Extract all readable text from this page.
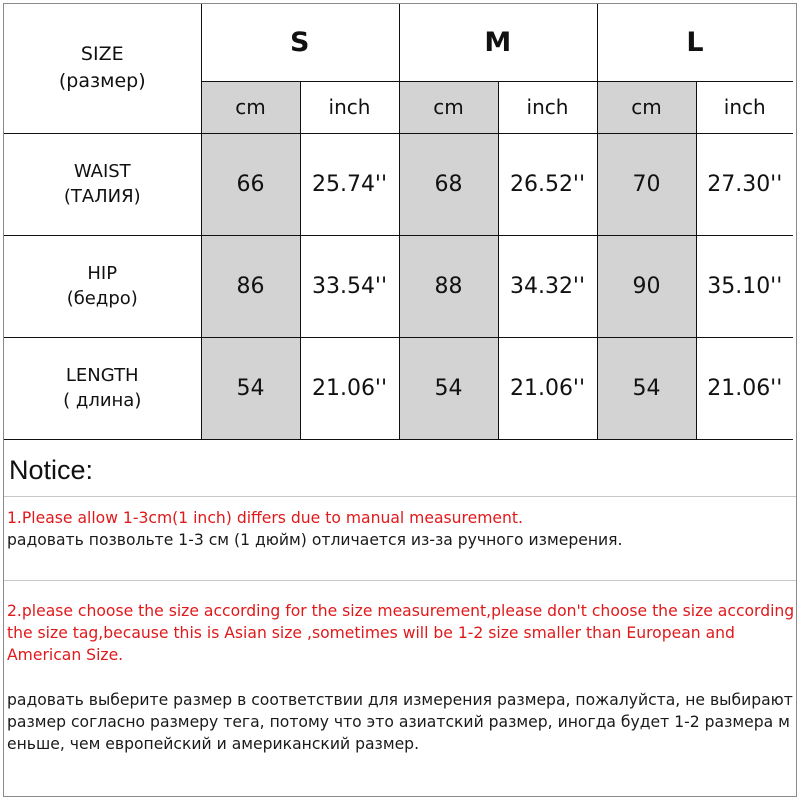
SIZE
(размер)	S		M		L	
	cm	inch	cm	inch	cm	inch

WAIST
(ТАЛИЯ)	66	25.74''	68	26.52''	70	27.30''

HIP
(бедро)	86	33.54''	88	34.32''	90	35.10''

LENGTH
( длина)	54	21.06''	54	21.06''	54	21.06''
Notice:
1.Please allow 1-3cm(1 inch) differs due to manual measurement.
радовать позвольте 1-3 см (1 дюйм) отличается из-за ручного измерения.
2.please choose the size according for the size measurement,please don't choose the size according the size tag,because this is Asian size ,sometimes will be 1-2 size smaller than European and American Size.
радовать выберите размер в соответствии для измерения размера, пожалуйста, не выбирают размер согласно размеру тега, потому что это азиатский размер, иногда будет 1-2 размера м еньше, чем европейский и американский размер.
